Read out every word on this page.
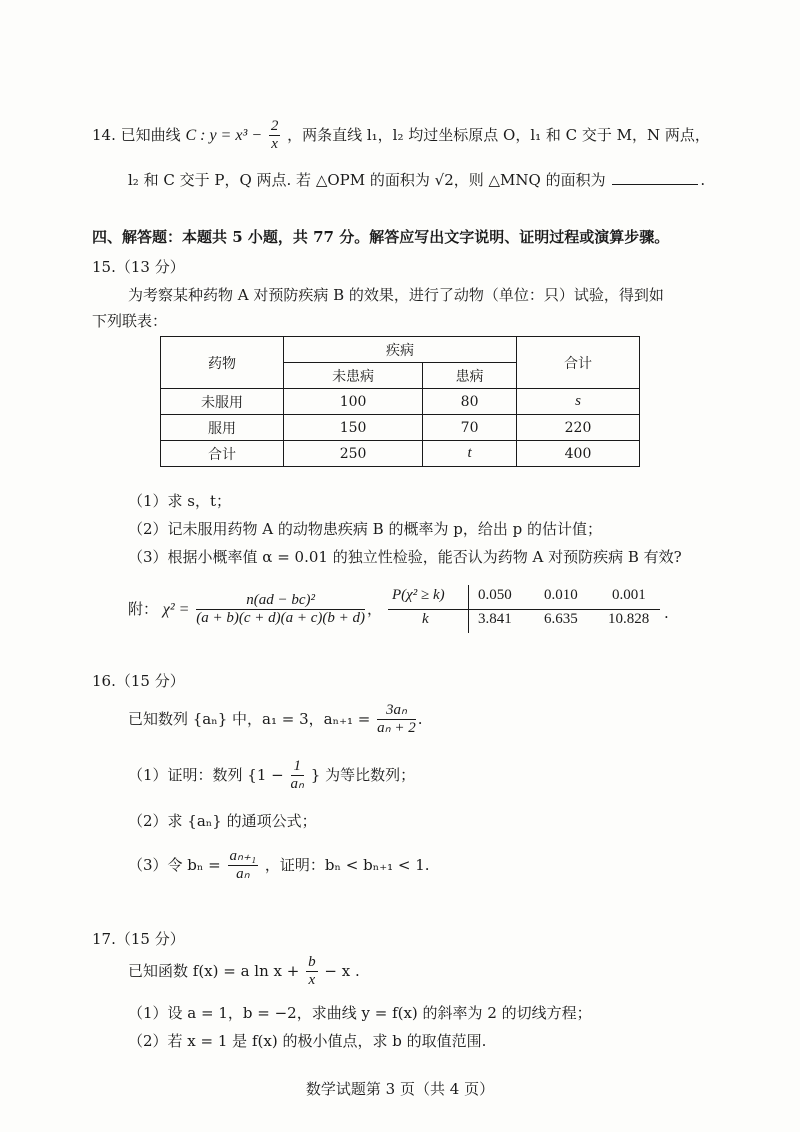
14. 已知曲线 C : $y = x^3 - \frac{2}{x}$ ，两条直线 l₁，l₂ 均过坐标原点 O，l₁ 和 C 交于 M，N 两点，
l₂ 和 C 交于 P，Q 两点. 若 △OPM 的面积为 √2，则 △MNQ 的面积为	.
四、解答题：本题共 5 小题，共 77 分。解答应写出文字说明、证明过程或演算步骤。
15.（13 分）
为考察某种药物 A 对预防疾病 B 的效果，进行了动物（单位：只）试验，得到如
下列联表：
药物	疾病		合计
	未患病	患病	
未服用	100	80	s
服用	150	70	220
合计	250	t	400
（1）求 s，t；
（2）记未服用药物 A 的动物患疾病 B 的概率为 p，给出 p 的估计值；
（3）根据小概率值 α = 0.01 的独立性检验，能否认为药物 A 对预防疾病 B 有效?
附： $\chi^2 = \frac{\text{n(ad − bc)²}}{(a + b)(c + d)(a + c)(b + d)}$ ，
P(χ² ≥ k) 0.050 0.010 0.001
k	3.841 6.635 10.828 .
16.（15 分）
已知数列 {aₙ} 中，a₁ = 3，$a_{n+1} = \frac{\text{3aₙ}}{\text{aₙ + 2}}$ .
（1）证明：数列 {$1 - \frac{1}{\text{aₙ}}$ } 为等比数列；
（2）求 {aₙ} 的通项公式；
（3）令 $b_n = \frac{\text{aₙ₊₁}}{\text{aₙ}}$ ，证明：bₙ < bₙ₊₁ < 1.
17.（15 分）
已知函数 f(x) = a $\ln x + \frac{b}{x} - x$ .
（1）设 a = 1，b = −2，求曲线 y = f(x) 的斜率为 2 的切线方程；
（2）若 x = 1 是 f(x) 的极小值点，求 b 的取值范围.
数学试题第 3 页（共 4 页）
